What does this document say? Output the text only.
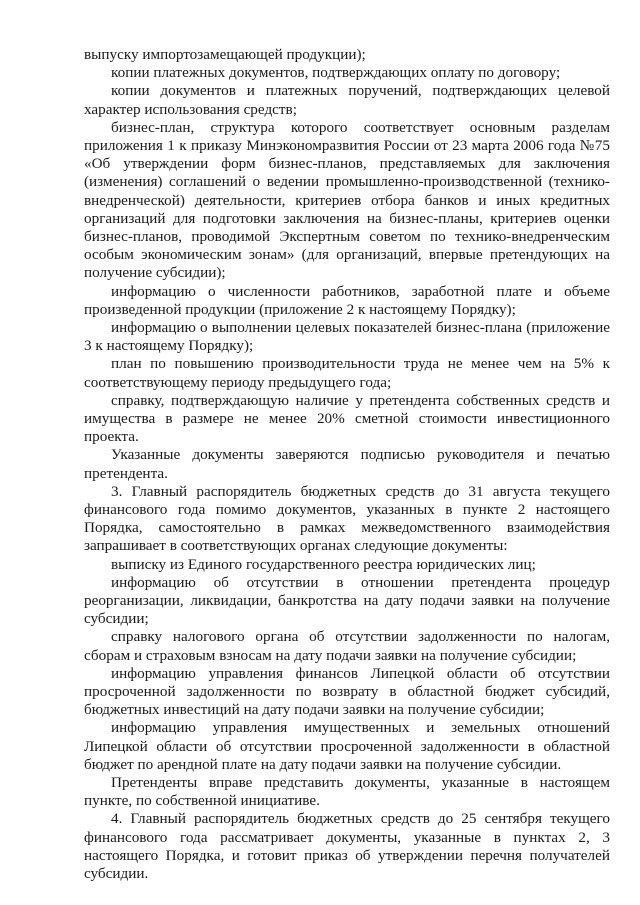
выпуску импортозамещающей продукции);
копии платежных документов, подтверждающих оплату по договору;
копии документов и платежных поручений, подтверждающих целевой
характер использования средств;
бизнес-план, структура которого соответствует основным разделам
приложения 1 к приказу Минэкономразвития России от 23 марта 2006 года №75
«Об утверждении форм бизнес-планов, представляемых для заключения
(изменения) соглашений о ведении промышленно-производственной (технико-
внедренческой) деятельности, критериев отбора банков и иных кредитных
организаций для подготовки заключения на бизнес-планы, критериев оценки
бизнес-планов, проводимой Экспертным советом по технико-внедренческим
особым экономическим зонам» (для организаций, впервые претендующих на
получение субсидии);
информацию о численности работников, заработной плате и объеме
произведенной продукции (приложение 2 к настоящему Порядку);
информацию о выполнении целевых показателей бизнес-плана (приложение
3 к настоящему Порядку);
план по повышению производительности труда не менее чем на 5% к
соответствующему периоду предыдущего года;
справку, подтверждающую наличие у претендента собственных средств и
имущества в размере не менее 20% сметной стоимости инвестиционного
проекта.
Указанные документы заверяются подписью руководителя и печатью
претендента.
3. Главный распорядитель бюджетных средств до 31 августа текущего
финансового года помимо документов, указанных в пункте 2 настоящего
Порядка, самостоятельно в рамках межведомственного взаимодействия
запрашивает в соответствующих органах следующие документы:
выписку из Единого государственного реестра юридических лиц;
информацию об отсутствии в отношении претендента процедур
реорганизации, ликвидации, банкротства на дату подачи заявки на получение
субсидии;
справку налогового органа об отсутствии задолженности по налогам,
сборам и страховым взносам на дату подачи заявки на получение субсидии;
информацию управления финансов Липецкой области об отсутствии
просроченной задолженности по возврату в областной бюджет субсидий,
бюджетных инвестиций на дату подачи заявки на получение субсидии;
информацию управления имущественных и земельных отношений
Липецкой области об отсутствии просроченной задолженности в областной
бюджет по арендной плате на дату подачи заявки на получение субсидии.
Претенденты вправе представить документы, указанные в настоящем
пункте, по собственной инициативе.
4. Главный распорядитель бюджетных средств до 25 сентября текущего
финансового года рассматривает документы, указанные в пунктах 2, 3
настоящего Порядка, и готовит приказ об утверждении перечня получателей
субсидии.
